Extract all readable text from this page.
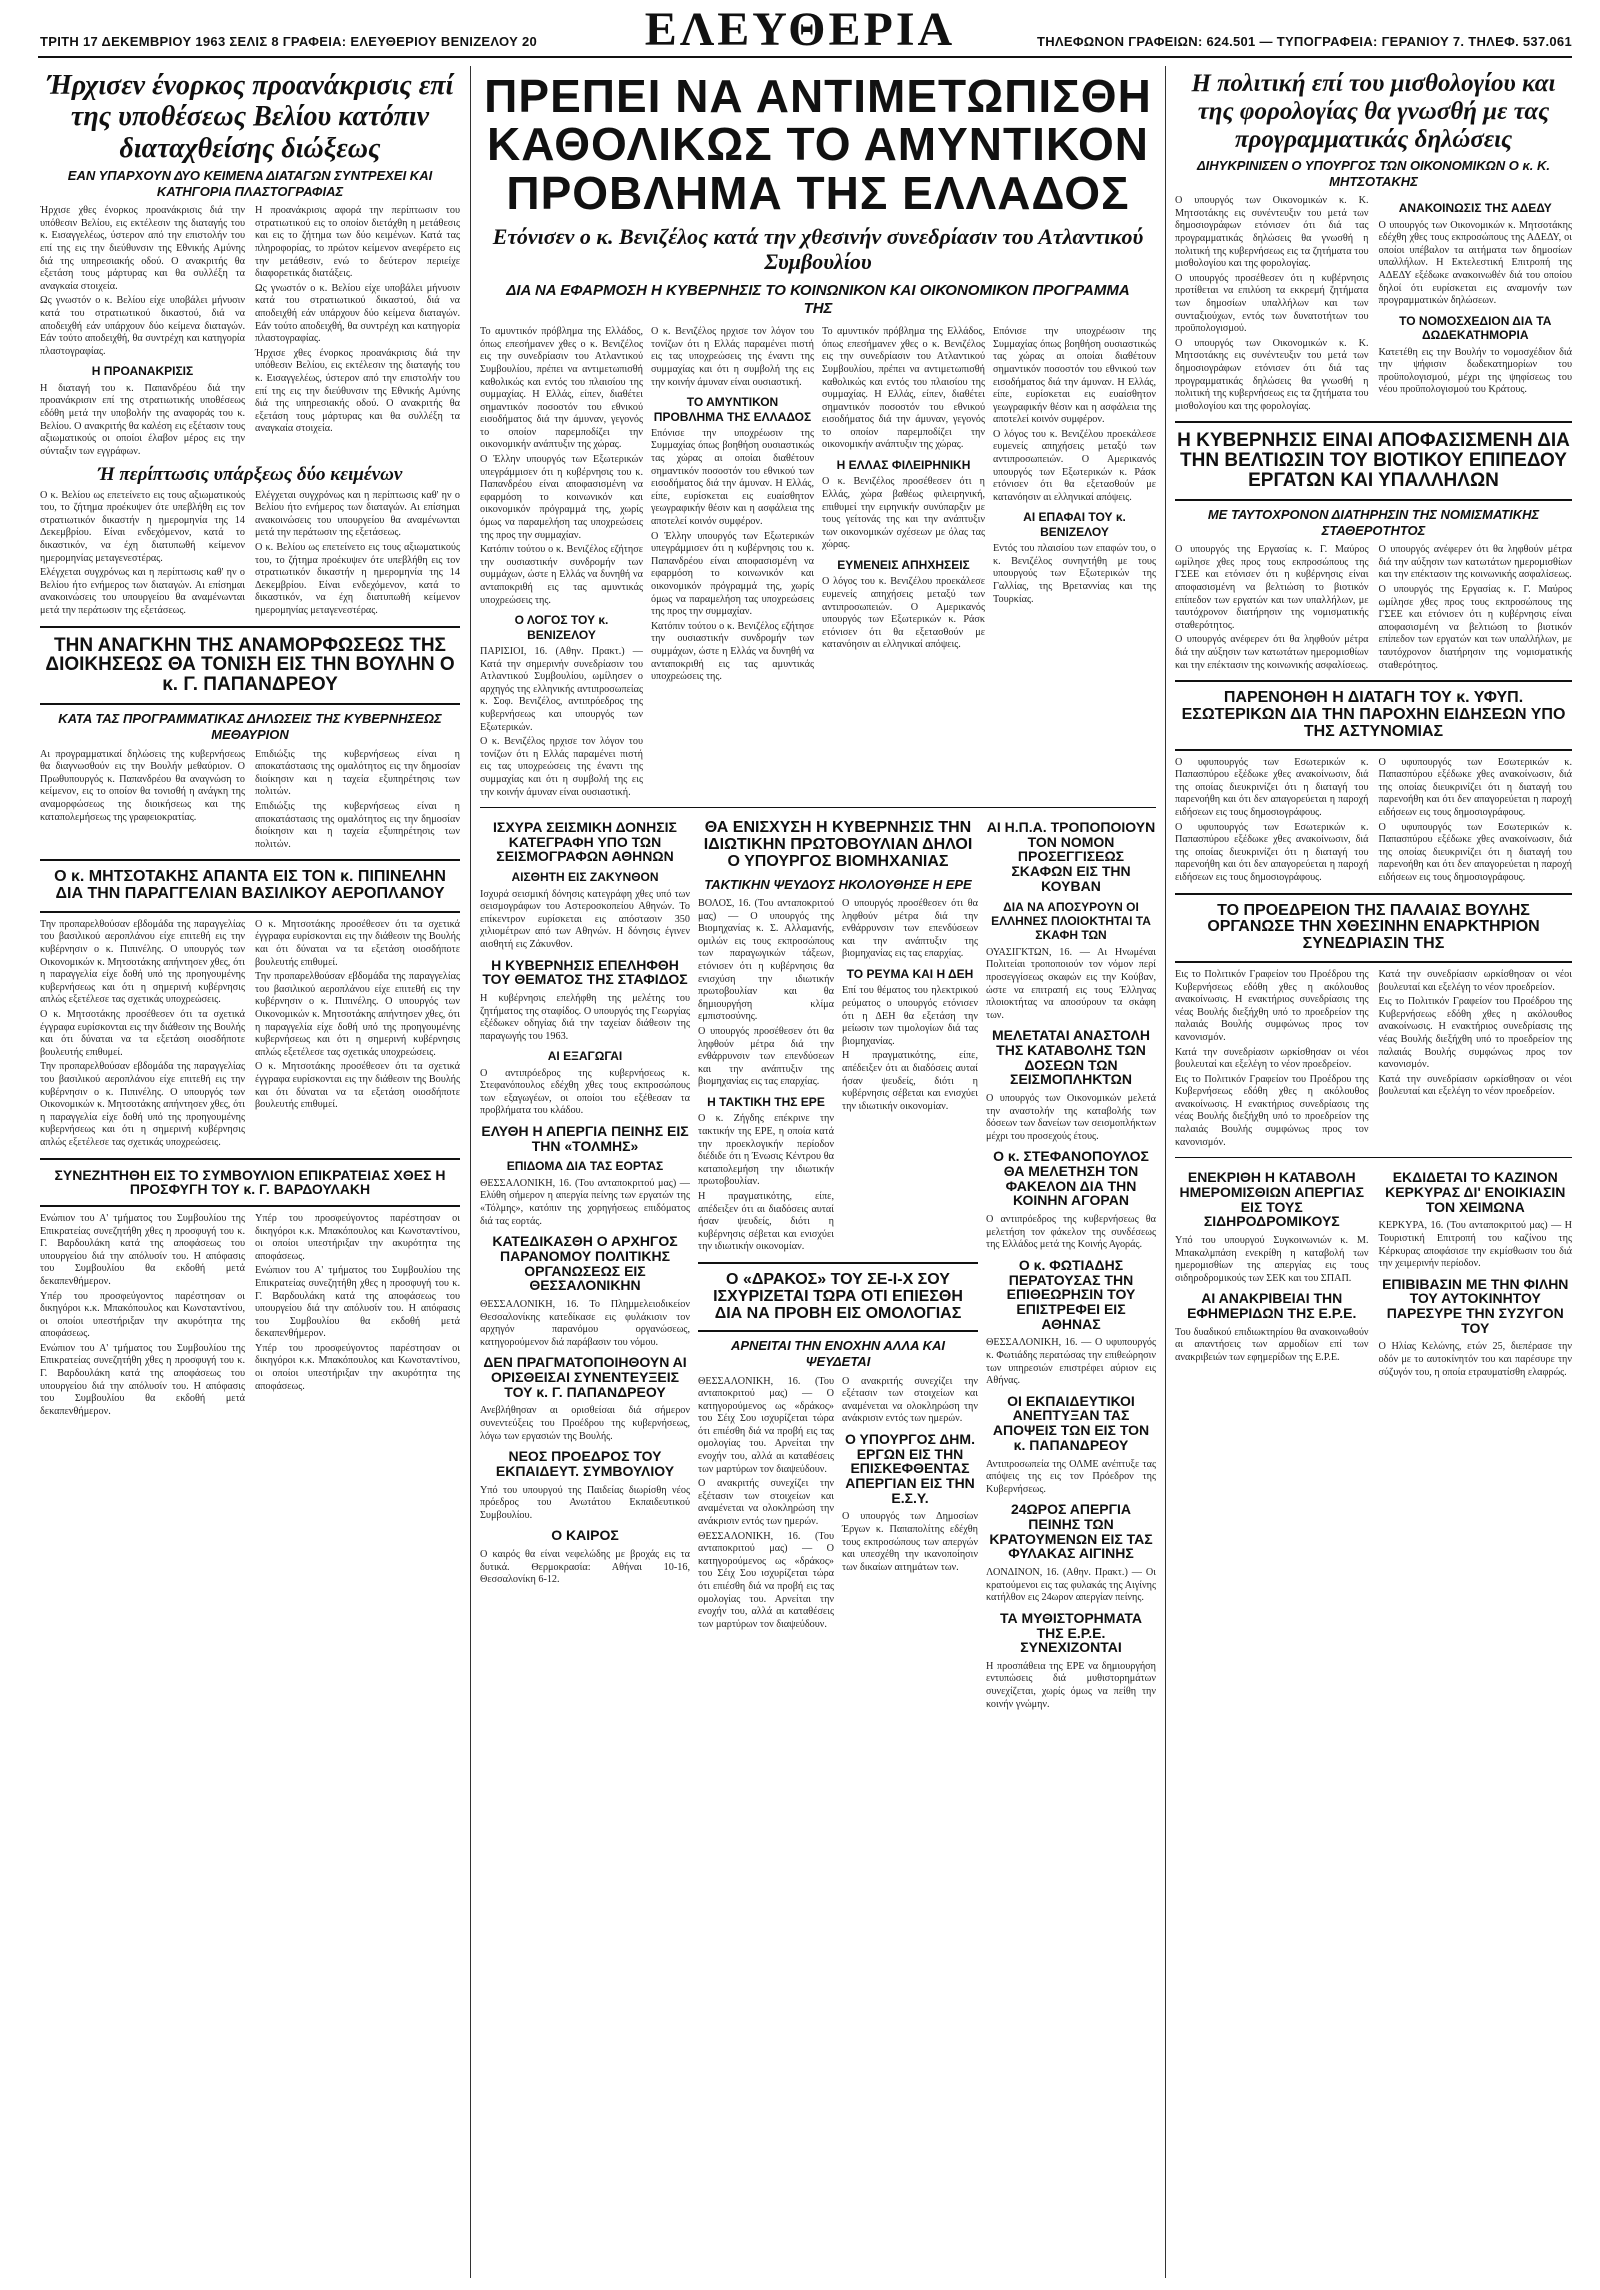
ΤΡΙΤΗ 17 ΔΕΚΕΜΒΡΙΟΥ 1963 ΣΕΛΙΣ 8 ΓΡΑΦΕΙΑ: ΕΛΕΥΘΕΡΙΟΥ ΒΕΝΙΖΕΛΟΥ 20	ΕΛΕΥΘΕΡΙΑ	ΤΗΛΕΦΩΝΟΝ ΓΡΑΦΕΙΩΝ: 624.501 — ΤΥΠΟΓΡΑΦΕΙΑ: ΓΕΡΑΝΙΟΥ 7. ΤΗΛΕΦ. 537.061
Ήρχισεν ένορκος προανάκρισις επί της υποθέσεως Βελίου κατόπιν διαταχθείσης διώξεως
ΕΑΝ ΥΠΑΡΧΟΥΝ ΔΥΟ ΚΕΙΜΕΝΑ ΔΙΑΤΑΓΩΝ ΣΥΝΤΡΕΧΕΙ ΚΑΙ ΚΑΤΗΓΟΡΙΑ ΠΛΑΣΤΟΓΡΑΦΙΑΣ

Ήρχισε χθες ένορκος προανάκρισις διά την υπόθεσιν Βελίου, εις εκτέλεσιν της διαταγής του κ. Εισαγγελέως, ύστερον από την επιστολήν του επί της εις την διεύθυνσιν της Εθνικής Αμύνης διά της υπηρεσιακής οδού. Ο ανακριτής θα εξετάση τους μάρτυρας και θα συλλέξη τα αναγκαία στοιχεία.

Ως γνωστόν ο κ. Βελίου είχε υποβάλει μήνυσιν κατά του στρατιωτικού δικαστού, διά να αποδειχθή εάν υπάρχουν δύο κείμενα διαταγών. Εάν τούτο αποδειχθή, θα συντρέχη και κατηγορία πλαστογραφίας.

Η ΠΡΟΑΝΑΚΡΙΣΙΣ

Η διαταγή του κ. Παπανδρέου διά την προανάκρισιν επί της στρατιωτικής υποθέσεως εδόθη μετά την υποβολήν της αναφοράς του κ. Βελίου. Ο ανακριτής θα καλέση εις εξέτασιν τους αξιωματικούς οι οποίοι έλαβον μέρος εις την σύνταξιν των εγγράφων.

Η προανάκρισις αφορά την περίπτωσιν του στρατιωτικού εις το οποίον διετάχθη η μετάθεσις και εις το ζήτημα των δύο κειμένων. Κατά τας πληροφορίας, το πρώτον κείμενον ανεφέρετο εις την μετάθεσιν, ενώ το δεύτερον περιείχε διαφορετικάς διατάξεις.

Ως γνωστόν ο κ. Βελίου είχε υποβάλει μήνυσιν κατά του στρατιωτικού δικαστού, διά να αποδειχθή εάν υπάρχουν δύο κείμενα διαταγών. Εάν τούτο αποδειχθή, θα συντρέχη και κατηγορία πλαστογραφίας.

Ήρχισε χθες ένορκος προανάκρισις διά την υπόθεσιν Βελίου, εις εκτέλεσιν της διαταγής του κ. Εισαγγελέως, ύστερον από την επιστολήν του επί της εις την διεύθυνσιν της Εθνικής Αμύνης διά της υπηρεσιακής οδού. Ο ανακριτής θα εξετάση τους μάρτυρας και θα συλλέξη τα αναγκαία στοιχεία.

Ή περίπτωσις υπάρξεως δύο κειμένων

Ο κ. Βελίου ως επετείνετο εις τους αξιωματικούς του, το ζήτημα προέκυψεν ότε υπεβλήθη εις τον στρατιωτικόν δικαστήν η ημερομηνία της 14 Δεκεμβρίου. Είναι ενδεχόμενον, κατά το δικαστικόν, να έχη διατυπωθή κείμενον ημερομηνίας μεταγενεστέρας.

Ελέγχεται συγχρόνως και η περίπτωσις καθ' ην ο Βελίου ήτο ενήμερος των διαταγών. Αι επίσημαι ανακοινώσεις του υπουργείου θα αναμένωνται μετά την περάτωσιν της εξετάσεως.

Ελέγχεται συγχρόνως και η περίπτωσις καθ' ην ο Βελίου ήτο ενήμερος των διαταγών. Αι επίσημαι ανακοινώσεις του υπουργείου θα αναμένωνται μετά την περάτωσιν της εξετάσεως.

Ο κ. Βελίου ως επετείνετο εις τους αξιωματικούς του, το ζήτημα προέκυψεν ότε υπεβλήθη εις τον στρατιωτικόν δικαστήν η ημερομηνία της 14 Δεκεμβρίου. Είναι ενδεχόμενον, κατά το δικαστικόν, να έχη διατυπωθή κείμενον ημερομηνίας μεταγενεστέρας.

ΤΗΝ ΑΝΑΓΚΗΝ ΤΗΣ ΑΝΑΜΟΡΦΩΣΕΩΣ ΤΗΣ ΔΙΟΙΚΗΣΕΩΣ ΘΑ ΤΟΝΙΣΗ ΕΙΣ ΤΗΝ ΒΟΥΛΗΝ Ο κ. Γ. ΠΑΠΑΝΔΡΕΟΥ
ΚΑΤΑ ΤΑΣ ΠΡΟΓΡΑΜΜΑΤΙΚΑΣ ΔΗΛΩΣΕΙΣ ΤΗΣ ΚΥΒΕΡΝΗΣΕΩΣ ΜΕΘΑΥΡΙΟΝ

Αι προγραμματικαί δηλώσεις της κυβερνήσεως θα διαγνωσθούν εις την Βουλήν μεθαύριον. Ο Πρωθυπουργός κ. Παπανδρέου θα αναγνώση το κείμενον, εις το οποίον θα τονισθή η ανάγκη της αναμορφώσεως της διοικήσεως και της καταπολεμήσεως της γραφειοκρατίας.

Επιδιώξις της κυβερνήσεως είναι η αποκατάστασις της ομαλότητος εις την δημοσίαν διοίκησιν και η ταχεία εξυπηρέτησις των πολιτών.

Επιδιώξις της κυβερνήσεως είναι η αποκατάστασις της ομαλότητος εις την δημοσίαν διοίκησιν και η ταχεία εξυπηρέτησις των πολιτών.

Ο κ. ΜΗΤΣΟΤΑΚΗΣ ΑΠΑΝΤΑ ΕΙΣ ΤΟΝ κ. ΠΙΠΙΝΕΛΗΝ ΔΙΑ ΤΗΝ ΠΑΡΑΓΓΕΛΙΑΝ ΒΑΣΙΛΙΚΟΥ ΑΕΡΟΠΛΑΝΟΥ

Την προπαρελθούσαν εβδομάδα της παραγγελίας του βασιλικού αεροπλάνου είχε επιτεθή εις την κυβέρνησιν ο κ. Πιπινέλης. Ο υπουργός των Οικονομικών κ. Μητσοτάκης απήντησεν χθες, ότι η παραγγελία είχε δοθή υπό της προηγουμένης κυβερνήσεως και ότι η σημερινή κυβέρνησις απλώς εξετέλεσε τας σχετικάς υποχρεώσεις.

Ο κ. Μητσοτάκης προσέθεσεν ότι τα σχετικά έγγραφα ευρίσκονται εις την διάθεσιν της Βουλής και ότι δύναται να τα εξετάση οιοσδήποτε βουλευτής επιθυμεί.

Την προπαρελθούσαν εβδομάδα της παραγγελίας του βασιλικού αεροπλάνου είχε επιτεθή εις την κυβέρνησιν ο κ. Πιπινέλης. Ο υπουργός των Οικονομικών κ. Μητσοτάκης απήντησεν χθες, ότι η παραγγελία είχε δοθή υπό της προηγουμένης κυβερνήσεως και ότι η σημερινή κυβέρνησις απλώς εξετέλεσε τας σχετικάς υποχρεώσεις.

Ο κ. Μητσοτάκης προσέθεσεν ότι τα σχετικά έγγραφα ευρίσκονται εις την διάθεσιν της Βουλής και ότι δύναται να τα εξετάση οιοσδήποτε βουλευτής επιθυμεί.

Την προπαρελθούσαν εβδομάδα της παραγγελίας του βασιλικού αεροπλάνου είχε επιτεθή εις την κυβέρνησιν ο κ. Πιπινέλης. Ο υπουργός των Οικονομικών κ. Μητσοτάκης απήντησεν χθες, ότι η παραγγελία είχε δοθή υπό της προηγουμένης κυβερνήσεως και ότι η σημερινή κυβέρνησις απλώς εξετέλεσε τας σχετικάς υποχρεώσεις.

Ο κ. Μητσοτάκης προσέθεσεν ότι τα σχετικά έγγραφα ευρίσκονται εις την διάθεσιν της Βουλής και ότι δύναται να τα εξετάση οιοσδήποτε βουλευτής επιθυμεί.

ΣΥΝΕΖΗΤΗΘΗ ΕΙΣ ΤΟ ΣΥΜΒΟΥΛΙΟΝ ΕΠΙΚΡΑΤΕΙΑΣ ΧΘΕΣ Η ΠΡΟΣΦΥΓΗ ΤΟΥ κ. Γ. ΒΑΡΔΟΥΛΑΚΗ

Ενώπιον του Α' τμήματος του Συμβουλίου της Επικρατείας συνεζητήθη χθες η προσφυγή του κ. Γ. Βαρδουλάκη κατά της αποφάσεως του υπουργείου διά την απόλυσίν του. Η απόφασις του Συμβουλίου θα εκδοθή μετά δεκαπενθήμερον.

Υπέρ του προσφεύγοντος παρέστησαν οι δικηγόροι κ.κ. Μπακόπουλος και Κωνσταντίνου, οι οποίοι υπεστήριξαν την ακυρότητα της αποφάσεως.

Ενώπιον του Α' τμήματος του Συμβουλίου της Επικρατείας συνεζητήθη χθες η προσφυγή του κ. Γ. Βαρδουλάκη κατά της αποφάσεως του υπουργείου διά την απόλυσίν του. Η απόφασις του Συμβουλίου θα εκδοθή μετά δεκαπενθήμερον.

Υπέρ του προσφεύγοντος παρέστησαν οι δικηγόροι κ.κ. Μπακόπουλος και Κωνσταντίνου, οι οποίοι υπεστήριξαν την ακυρότητα της αποφάσεως.

Ενώπιον του Α' τμήματος του Συμβουλίου της Επικρατείας συνεζητήθη χθες η προσφυγή του κ. Γ. Βαρδουλάκη κατά της αποφάσεως του υπουργείου διά την απόλυσίν του. Η απόφασις του Συμβουλίου θα εκδοθή μετά δεκαπενθήμερον.

Υπέρ του προσφεύγοντος παρέστησαν οι δικηγόροι κ.κ. Μπακόπουλος και Κωνσταντίνου, οι οποίοι υπεστήριξαν την ακυρότητα της αποφάσεως.

ΠΡΕΠΕΙ ΝΑ ΑΝΤΙΜΕΤΩΠΙΣΘΗ ΚΑΘΟΛΙΚΩΣ ΤΟ ΑΜΥΝΤΙΚΟΝ ΠΡΟΒΛΗΜΑ ΤΗΣ ΕΛΛΑΔΟΣ
Ετόνισεν ο κ. Βενιζέλος κατά την χθεσινήν συνεδρίασιν του Ατλαντικού Συμβουλίου
ΔΙΑ ΝΑ ΕΦΑΡΜΟΣΗ Η ΚΥΒΕΡΝΗΣΙΣ ΤΟ ΚΟΙΝΩΝΙΚΟΝ ΚΑΙ ΟΙΚΟΝΟΜΙΚΟΝ ΠΡΟΓΡΑΜΜΑ ΤΗΣ

Το αμυντικόν πρόβλημα της Ελλάδος, όπως επεσήμανεν χθες ο κ. Βενιζέλος εις την συνεδρίασιν του Ατλαντικού Συμβουλίου, πρέπει να αντιμετωπισθή καθολικώς και εντός του πλαισίου της συμμαχίας. Η Ελλάς, είπεν, διαθέτει σημαντικόν ποσοστόν του εθνικού εισοδήματος διά την άμυναν, γεγονός το οποίον παρεμποδίζει την οικονομικήν ανάπτυξιν της χώρας.

Ο Έλλην υπουργός των Εξωτερικών υπεγράμμισεν ότι η κυβέρνησις του κ. Παπανδρέου είναι αποφασισμένη να εφαρμόση το κοινωνικόν και οικονομικόν πρόγραμμά της, χωρίς όμως να παραμελήση τας υποχρεώσεις της προς την συμμαχίαν.

Κατόπιν τούτου ο κ. Βενιζέλος εζήτησε την ουσιαστικήν συνδρομήν των συμμάχων, ώστε η Ελλάς να δυνηθή να ανταποκριθή εις τας αμυντικάς υποχρεώσεις της.

Ο ΛΟΓΟΣ ΤΟΥ κ. ΒΕΝΙΖΕΛΟΥ

ΠΑΡΙΣΙΟΙ, 16. (Αθην. Πρακτ.) — Κατά την σημερινήν συνεδρίασιν του Ατλαντικού Συμβουλίου, ωμίλησεν ο αρχηγός της ελληνικής αντιπροσωπείας κ. Σοφ. Βενιζέλος, αντιπρόεδρος της κυβερνήσεως και υπουργός των Εξωτερικών.

Ο κ. Βενιζέλος ηρχισε τον λόγον του τονίζων ότι η Ελλάς παραμένει πιστή εις τας υποχρεώσεις της έναντι της συμμαχίας και ότι η συμβολή της εις την κοινήν άμυναν είναι ουσιαστική.

Ο κ. Βενιζέλος ηρχισε τον λόγον του τονίζων ότι η Ελλάς παραμένει πιστή εις τας υποχρεώσεις της έναντι της συμμαχίας και ότι η συμβολή της εις την κοινήν άμυναν είναι ουσιαστική.

ΤΟ ΑΜΥΝΤΙΚΟΝ ΠΡΟΒΛΗΜΑ ΤΗΣ ΕΛΛΑΔΟΣ

Επόνισε την υποχρέωσιν της Συμμαχίας όπως βοηθήση ουσιαστικώς τας χώρας αι οποίαι διαθέτουν σημαντικόν ποσοστόν του εθνικού των εισοδήματος διά την άμυναν. Η Ελλάς, είπε, ευρίσκεται εις ευαίσθητον γεωγραφικήν θέσιν και η ασφάλεια της αποτελεί κοινόν συμφέρον.

Ο Έλλην υπουργός των Εξωτερικών υπεγράμμισεν ότι η κυβέρνησις του κ. Παπανδρέου είναι αποφασισμένη να εφαρμόση το κοινωνικόν και οικονομικόν πρόγραμμά της, χωρίς όμως να παραμελήση τας υποχρεώσεις της προς την συμμαχίαν.

Κατόπιν τούτου ο κ. Βενιζέλος εζήτησε την ουσιαστικήν συνδρομήν των συμμάχων, ώστε η Ελλάς να δυνηθή να ανταποκριθή εις τας αμυντικάς υποχρεώσεις της.

Το αμυντικόν πρόβλημα της Ελλάδος, όπως επεσήμανεν χθες ο κ. Βενιζέλος εις την συνεδρίασιν του Ατλαντικού Συμβουλίου, πρέπει να αντιμετωπισθή καθολικώς και εντός του πλαισίου της συμμαχίας. Η Ελλάς, είπεν, διαθέτει σημαντικόν ποσοστόν του εθνικού εισοδήματος διά την άμυναν, γεγονός το οποίον παρεμποδίζει την οικονομικήν ανάπτυξιν της χώρας.

Η ΕΛΛΑΣ ΦΙΛΕΙΡΗΝΙΚΗ

Ο κ. Βενιζέλος προσέθεσεν ότι η Ελλάς, χώρα βαθέως φιλειρηνική, επιθυμεί την ειρηνικήν συνύπαρξιν με τους γείτονάς της και την ανάπτυξιν των οικονομικών σχέσεων με όλας τας χώρας.

ΕΥΜΕΝΕΙΣ ΑΠΗΧΗΣΕΙΣ

Ο λόγος του κ. Βενιζέλου προεκάλεσε ευμενείς απηχήσεις μεταξύ των αντιπροσωπειών. Ο Αμερικανός υπουργός των Εξωτερικών κ. Ράσκ ετόνισεν ότι θα εξετασθούν με κατανόησιν αι ελληνικαί απόψεις.

Επόνισε την υποχρέωσιν της Συμμαχίας όπως βοηθήση ουσιαστικώς τας χώρας αι οποίαι διαθέτουν σημαντικόν ποσοστόν του εθνικού των εισοδήματος διά την άμυναν. Η Ελλάς, είπε, ευρίσκεται εις ευαίσθητον γεωγραφικήν θέσιν και η ασφάλεια της αποτελεί κοινόν συμφέρον.

Ο λόγος του κ. Βενιζέλου προεκάλεσε ευμενείς απηχήσεις μεταξύ των αντιπροσωπειών. Ο Αμερικανός υπουργός των Εξωτερικών κ. Ράσκ ετόνισεν ότι θα εξετασθούν με κατανόησιν αι ελληνικαί απόψεις.

ΑΙ ΕΠΑΦΑΙ ΤΟΥ κ. ΒΕΝΙΖΕΛΟΥ

Εντός του πλαισίου των επαφών του, ο κ. Βενιζέλος συνηντήθη με τους υπουργούς των Εξωτερικών της Γαλλίας, της Βρεταννίας και της Τουρκίας.

ΙΣΧΥΡΑ ΣΕΙΣΜΙΚΗ ΔΟΝΗΣΙΣ ΚΑΤΕΓΡΑΦΗ ΥΠΟ ΤΩΝ ΣΕΙΣΜΟΓΡΑΦΩΝ ΑΘΗΝΩΝ
ΑΙΣΘΗΤΗ ΕΙΣ ΖΑΚΥΝΘΟΝ

Ισχυρά σεισμική δόνησις κατεγράφη χθες υπό των σεισμογράφων του Αστεροσκοπείου Αθηνών. Το επίκεντρον ευρίσκεται εις απόστασιν 350 χιλιομέτρων από των Αθηνών. Η δόνησις έγινεν αισθητή εις Ζάκυνθον.

Η ΚΥΒΕΡΝΗΣΙΣ ΕΠΕΛΗΦΘΗ ΤΟΥ ΘΕΜΑΤΟΣ ΤΗΣ ΣΤΑΦΙΔΟΣ

Η κυβέρνησις επελήφθη της μελέτης του ζητήματος της σταφίδος. Ο υπουργός της Γεωργίας εξέδωκεν οδηγίας διά την ταχείαν διάθεσιν της παραγωγής του 1963.

ΑΙ ΕΞΑΓΩΓΑΙ

Ο αντιπρόεδρος της κυβερνήσεως κ. Στεφανόπουλος εδέχθη χθες τους εκπροσώπους των εξαγωγέων, οι οποίοι του εξέθεσαν τα προβλήματα του κλάδου.

ΕΛΥΘΗ Η ΑΠΕΡΓΙΑ ΠΕΙΝΗΣ ΕΙΣ ΤΗΝ «ΤΟΛΜΗΣ»
ΕΠΙΔΟΜΑ ΔΙΑ ΤΑΣ ΕΟΡΤΑΣ

ΘΕΣΣΑΛΟΝΙΚΗ, 16. (Του ανταποκριτού μας) — Ελύθη σήμερον η απεργία πείνης των εργατών της «Τόλμης», κατόπιν της χορηγήσεως επιδόματος διά τας εορτάς.

ΚΑΤΕΔΙΚΑΣΘΗ Ο ΑΡΧΗΓΟΣ ΠΑΡΑΝΟΜΟΥ ΠΟΛΙΤΙΚΗΣ ΟΡΓΑΝΩΣΕΩΣ ΕΙΣ ΘΕΣΣΑΛΟΝΙΚΗΝ

ΘΕΣΣΑΛΟΝΙΚΗ, 16. Το Πλημμελειοδικείον Θεσσαλονίκης κατεδίκασε εις φυλάκισιν τον αρχηγόν παρανόμου οργανώσεως, κατηγορούμενον διά παράβασιν του νόμου.

ΔΕΝ ΠΡΑΓΜΑΤΟΠΟΙΗΘΟΥΝ ΑΙ ΟΡΙΣΘΕΙΣΑΙ ΣΥΝΕΝΤΕΥΞΕΙΣ ΤΟΥ κ. Γ. ΠΑΠΑΝΔΡΕΟΥ

Ανεβλήθησαν αι ορισθείσαι διά σήμερον συνεντεύξεις του Προέδρου της κυβερνήσεως, λόγω των εργασιών της Βουλής.

ΝΕΟΣ ΠΡΟΕΔΡΟΣ ΤΟΥ ΕΚΠΑΙΔΕΥΤ. ΣΥΜΒΟΥΛΙΟΥ

Υπό του υπουργού της Παιδείας διωρίσθη νέος πρόεδρος του Ανωτάτου Εκπαιδευτικού Συμβουλίου.

Ο ΚΑΙΡΟΣ

Ο καιρός θα είναι νεφελώδης με βροχάς εις τα δυτικά. Θερμοκρασία: Αθήναι 10-16, Θεσσαλονίκη 6-12.

ΘΑ ΕΝΙΣΧΥΣΗ Η ΚΥΒΕΡΝΗΣΙΣ ΤΗΝ ΙΔΙΩΤΙΚΗΝ ΠΡΩΤΟΒΟΥΛΙΑΝ ΔΗΛΟΙ Ο ΥΠΟΥΡΓΟΣ ΒΙΟΜΗΧΑΝΙΑΣ
ΤΑΚΤΙΚΗΝ ΨΕΥΔΟΥΣ ΗΚΟΛΟΥΘΗΣΕ Η ΕΡΕ

ΒΟΛΟΣ, 16. (Του ανταποκριτού μας) — Ο υπουργός της Βιομηχανίας κ. Σ. Αλλαμανής, ομιλών εις τους εκπροσώπους των παραγωγικών τάξεων, ετόνισεν ότι η κυβέρνησις θα ενισχύση την ιδιωτικήν πρωτοβουλίαν και θα δημιουργήση κλίμα εμπιστοσύνης.

Ο υπουργός προσέθεσεν ότι θα ληφθούν μέτρα διά την ενθάρρυνσιν των επενδύσεων και την ανάπτυξιν της βιομηχανίας εις τας επαρχίας.

Η ΤΑΚΤΙΚΗ ΤΗΣ ΕΡΕ

Ο κ. Ζήγδης επέκρινε την τακτικήν της ΕΡΕ, η οποία κατά την προεκλογικήν περίοδον διέδιδε ότι η Ένωσις Κέντρου θα καταπολεμήση την ιδιωτικήν πρωτοβουλίαν.

Η πραγματικότης, είπε, απέδειξεν ότι αι διαδόσεις αυταί ήσαν ψευδείς, διότι η κυβέρνησις σέβεται και ενισχύει την ιδιωτικήν οικονομίαν.

Ο υπουργός προσέθεσεν ότι θα ληφθούν μέτρα διά την ενθάρρυνσιν των επενδύσεων και την ανάπτυξιν της βιομηχανίας εις τας επαρχίας.

ΤΟ ΡΕΥΜΑ ΚΑΙ Η ΔΕΗ

Επί του θέματος του ηλεκτρικού ρεύματος ο υπουργός ετόνισεν ότι η ΔΕΗ θα εξετάση την μείωσιν των τιμολογίων διά τας βιομηχανίας.

Η πραγματικότης, είπε, απέδειξεν ότι αι διαδόσεις αυταί ήσαν ψευδείς, διότι η κυβέρνησις σέβεται και ενισχύει την ιδιωτικήν οικονομίαν.

Ο «ΔΡΑΚΟΣ» ΤΟΥ ΣΕ-Ι-Χ ΣΟΥ ΙΣΧΥΡΙΖΕΤΑΙ ΤΩΡΑ ΟΤΙ ΕΠΙΕΣΘΗ ΔΙΑ ΝΑ ΠΡΟΒΗ ΕΙΣ ΟΜΟΛΟΓΙΑΣ
ΑΡΝΕΙΤΑΙ ΤΗΝ ΕΝΟΧΗΝ ΑΛΛΑ ΚΑΙ ΨΕΥΔΕΤΑΙ

ΘΕΣΣΑΛΟΝΙΚΗ, 16. (Του ανταποκριτού μας) — Ο κατηγορούμενος ως «δράκος» του Σέιχ Σου ισχυρίζεται τώρα ότι επιέσθη διά να προβή εις τας ομολογίας του. Αρνείται την ενοχήν του, αλλά αι καταθέσεις των μαρτύρων τον διαψεύδουν.

Ο ανακριτής συνεχίζει την εξέτασιν των στοιχείων και αναμένεται να ολοκληρώση την ανάκρισιν εντός των ημερών.

ΘΕΣΣΑΛΟΝΙΚΗ, 16. (Του ανταποκριτού μας) — Ο κατηγορούμενος ως «δράκος» του Σέιχ Σου ισχυρίζεται τώρα ότι επιέσθη διά να προβή εις τας ομολογίας του. Αρνείται την ενοχήν του, αλλά αι καταθέσεις των μαρτύρων τον διαψεύδουν.

Ο ανακριτής συνεχίζει την εξέτασιν των στοιχείων και αναμένεται να ολοκληρώση την ανάκρισιν εντός των ημερών.

Ο ΥΠΟΥΡΓΟΣ ΔΗΜ. ΕΡΓΩΝ ΕΙΣ ΤΗΝ ΕΠΙΣΚΕΦΘΕΝΤΑΣ ΑΠΕΡΓΙΑΝ ΕΙΣ ΤΗΝ Ε.Σ.Υ.

Ο υπουργός των Δημοσίων Έργων κ. Παπαπολίτης εδέχθη τους εκπροσώπους των απεργών και υπεσχέθη την ικανοποίησιν των δικαίων αιτημάτων των.

ΑΙ Η.Π.Α. ΤΡΟΠΟΠΟΙΟΥΝ ΤΟΝ ΝΟΜΟΝ ΠΡΟΣΕΓΓΙΣΕΩΣ ΣΚΑΦΩΝ ΕΙΣ ΤΗΝ ΚΟΥΒΑΝ
ΔΙΑ ΝΑ ΑΠΟΣΥΡΟΥΝ ΟΙ ΕΛΛΗΝΕΣ ΠΛΟΙΟΚΤΗΤΑΙ ΤΑ ΣΚΑΦΗ ΤΩΝ

ΟΥΑΣΙΓΚΤΩΝ, 16. — Αι Ηνωμέναι Πολιτείαι τροποποιούν τον νόμον περί προσεγγίσεως σκαφών εις την Κούβαν, ώστε να επιτραπή εις τους Έλληνας πλοιοκτήτας να αποσύρουν τα σκάφη των.

ΜΕΛΕΤΑΤΑΙ ΑΝΑΣΤΟΛΗ ΤΗΣ ΚΑΤΑΒΟΛΗΣ ΤΩΝ ΔΟΣΕΩΝ ΤΩΝ ΣΕΙΣΜΟΠΛΗΚΤΩΝ

Ο υπουργός των Οικονομικών μελετά την αναστολήν της καταβολής των δόσεων των δανείων των σεισμοπλήκτων μέχρι του προσεχούς έτους.

Ο κ. ΣΤΕΦΑΝΟΠΟΥΛΟΣ ΘΑ ΜΕΛΕΤΗΣΗ ΤΟΝ ΦΑΚΕΛΟΝ ΔΙΑ ΤΗΝ ΚΟΙΝΗΝ ΑΓΟΡΑΝ

Ο αντιπρόεδρος της κυβερνήσεως θα μελετήση τον φάκελον της συνδέσεως της Ελλάδος μετά της Κοινής Αγοράς.

Ο κ. ΦΩΤΙΑΔΗΣ ΠΕΡΑΤΟΥΣΑΣ ΤΗΝ ΕΠΙΘΕΩΡΗΣΙΝ ΤΟΥ ΕΠΙΣΤΡΕΦΕΙ ΕΙΣ ΑΘΗΝΑΣ

ΘΕΣΣΑΛΟΝΙΚΗ, 16. — Ο υφυπουργός κ. Φωτιάδης περατώσας την επιθεώρησιν των υπηρεσιών επιστρέφει αύριον εις Αθήνας.

ΟΙ ΕΚΠΑΙΔΕΥΤΙΚΟΙ ΑΝΕΠΤΥΞΑΝ ΤΑΣ ΑΠΟΨΕΙΣ ΤΩΝ ΕΙΣ ΤΟΝ κ. ΠΑΠΑΝΔΡΕΟΥ

Αντιπροσωπεία της ΟΛΜΕ ανέπτυξε τας απόψεις της εις τον Πρόεδρον της Κυβερνήσεως.

24ΩΡΟΣ ΑΠΕΡΓΙΑ ΠΕΙΝΗΣ ΤΩΝ ΚΡΑΤΟΥΜΕΝΩΝ ΕΙΣ ΤΑΣ ΦΥΛΑΚΑΣ ΑΙΓΙΝΗΣ

ΛΟΝΔΙΝΟΝ, 16. (Αθην. Πρακτ.) — Οι κρατούμενοι εις τας φυλακάς της Αιγίνης κατήλθον εις 24ωρον απεργίαν πείνης.

ΤΑ ΜΥΘΙΣΤΟΡΗΜΑΤΑ ΤΗΣ Ε.Ρ.Ε. ΣΥΝΕΧΙΖΟΝΤΑΙ

Η προσπάθεια της ΕΡΕ να δημιουργήση εντυπώσεις διά μυθιστορημάτων συνεχίζεται, χωρίς όμως να πείθη την κοινήν γνώμην.

Η πολιτική επί του μισθολογίου και της φορολογίας θα γνωσθή με τας προγραμματικάς δηλώσεις
ΔΙΗΥΚΡΙΝΙΣΕΝ Ο ΥΠΟΥΡΓΟΣ ΤΩΝ ΟΙΚΟΝΟΜΙΚΩΝ Ο κ. Κ. ΜΗΤΣΟΤΑΚΗΣ

Ο υπουργός των Οικονομικών κ. Κ. Μητσοτάκης εις συνέντευξιν του μετά των δημοσιογράφων ετόνισεν ότι διά τας προγραμματικάς δηλώσεις θα γνωσθή η πολιτική της κυβερνήσεως εις τα ζητήματα του μισθολογίου και της φορολογίας.

Ο υπουργός προσέθεσεν ότι η κυβέρνησις προτίθεται να επιλύση τα εκκρεμή ζητήματα των δημοσίων υπαλλήλων και των συνταξιούχων, εντός των δυνατοτήτων του προϋπολογισμού.

Ο υπουργός των Οικονομικών κ. Κ. Μητσοτάκης εις συνέντευξιν του μετά των δημοσιογράφων ετόνισεν ότι διά τας προγραμματικάς δηλώσεις θα γνωσθή η πολιτική της κυβερνήσεως εις τα ζητήματα του μισθολογίου και της φορολογίας.

ΑΝΑΚΟΙΝΩΣΙΣ ΤΗΣ ΑΔΕΔΥ

Ο υπουργός των Οικονομικών κ. Μητσοτάκης εδέχθη χθες τους εκπροσώπους της ΑΔΕΔΥ, οι οποίοι υπέβαλον τα αιτήματα των δημοσίων υπαλλήλων. Η Εκτελεστική Επιτροπή της ΑΔΕΔΥ εξέδωκε ανακοινωθέν διά του οποίου δηλοί ότι ευρίσκεται εις αναμονήν των προγραμματικών δηλώσεων.

ΤΟ ΝΟΜΟΣΧΕΔΙΟΝ ΔΙΑ ΤΑ ΔΩΔΕΚΑΤΗΜΟΡΙΑ

Κατετέθη εις την Βουλήν το νομοσχέδιον διά την ψήφισιν δωδεκατημορίων του προϋπολογισμού, μέχρι της ψηφίσεως του νέου προϋπολογισμού του Κράτους.

Η ΚΥΒΕΡΝΗΣΙΣ ΕΙΝΑΙ ΑΠΟΦΑΣΙΣΜΕΝΗ ΔΙΑ ΤΗΝ ΒΕΛΤΙΩΣΙΝ ΤΟΥ ΒΙΟΤΙΚΟΥ ΕΠΙΠΕΔΟΥ ΕΡΓΑΤΩΝ ΚΑΙ ΥΠΑΛΛΗΛΩΝ
ΜΕ ΤΑΥΤΟΧΡΟΝΟΝ ΔΙΑΤΗΡΗΣΙΝ ΤΗΣ ΝΟΜΙΣΜΑΤΙΚΗΣ ΣΤΑΘΕΡΟΤΗΤΟΣ

Ο υπουργός της Εργασίας κ. Γ. Μαύρος ωμίλησε χθες προς τους εκπροσώπους της ΓΣΕΕ και ετόνισεν ότι η κυβέρνησις είναι αποφασισμένη να βελτιώση το βιοτικόν επίπεδον των εργατών και των υπαλλήλων, με ταυτόχρονον διατήρησιν της νομισματικής σταθερότητος.

Ο υπουργός ανέφερεν ότι θα ληφθούν μέτρα διά την αύξησιν των κατωτάτων ημερομισθίων και την επέκτασιν της κοινωνικής ασφαλίσεως.

Ο υπουργός ανέφερεν ότι θα ληφθούν μέτρα διά την αύξησιν των κατωτάτων ημερομισθίων και την επέκτασιν της κοινωνικής ασφαλίσεως.

Ο υπουργός της Εργασίας κ. Γ. Μαύρος ωμίλησε χθες προς τους εκπροσώπους της ΓΣΕΕ και ετόνισεν ότι η κυβέρνησις είναι αποφασισμένη να βελτιώση το βιοτικόν επίπεδον των εργατών και των υπαλλήλων, με ταυτόχρονον διατήρησιν της νομισματικής σταθερότητος.

ΠΑΡΕΝΟΗΘΗ Η ΔΙΑΤΑΓΗ ΤΟΥ κ. ΥΦΥΠ. ΕΣΩΤΕΡΙΚΩΝ ΔΙΑ ΤΗΝ ΠΑΡΟΧΗΝ ΕΙΔΗΣΕΩΝ ΥΠΟ ΤΗΣ ΑΣΤΥΝΟΜΙΑΣ

Ο υφυπουργός των Εσωτερικών κ. Παπασπύρου εξέδωκε χθες ανακοίνωσιν, διά της οποίας διευκρινίζει ότι η διαταγή του παρενοήθη και ότι δεν απαγορεύεται η παροχή ειδήσεων εις τους δημοσιογράφους.

Ο υφυπουργός των Εσωτερικών κ. Παπασπύρου εξέδωκε χθες ανακοίνωσιν, διά της οποίας διευκρινίζει ότι η διαταγή του παρενοήθη και ότι δεν απαγορεύεται η παροχή ειδήσεων εις τους δημοσιογράφους.

Ο υφυπουργός των Εσωτερικών κ. Παπασπύρου εξέδωκε χθες ανακοίνωσιν, διά της οποίας διευκρινίζει ότι η διαταγή του παρενοήθη και ότι δεν απαγορεύεται η παροχή ειδήσεων εις τους δημοσιογράφους.

Ο υφυπουργός των Εσωτερικών κ. Παπασπύρου εξέδωκε χθες ανακοίνωσιν, διά της οποίας διευκρινίζει ότι η διαταγή του παρενοήθη και ότι δεν απαγορεύεται η παροχή ειδήσεων εις τους δημοσιογράφους.

ΤΟ ΠΡΟΕΔΡΕΙΟΝ ΤΗΣ ΠΑΛΑΙΑΣ ΒΟΥΛΗΣ ΟΡΓΑΝΩΣΕ ΤΗΝ ΧΘΕΣΙΝΗΝ ΕΝΑΡΚΤΗΡΙΟΝ ΣΥΝΕΔΡΙΑΣΙΝ ΤΗΣ

Εις το Πολιτικόν Γραφείον του Προέδρου της Κυβερνήσεως εδόθη χθες η ακόλουθος ανακοίνωσις. Η ενακτήριος συνεδρίασις της νέας Βουλής διεξήχθη υπό το προεδρείον της παλαιάς Βουλής συμφώνως προς τον κανονισμόν.

Κατά την συνεδρίασιν ωρκίσθησαν οι νέοι βουλευταί και εξελέγη το νέον προεδρείον.

Εις το Πολιτικόν Γραφείον του Προέδρου της Κυβερνήσεως εδόθη χθες η ακόλουθος ανακοίνωσις. Η ενακτήριος συνεδρίασις της νέας Βουλής διεξήχθη υπό το προεδρείον της παλαιάς Βουλής συμφώνως προς τον κανονισμόν.

Κατά την συνεδρίασιν ωρκίσθησαν οι νέοι βουλευταί και εξελέγη το νέον προεδρείον.

Εις το Πολιτικόν Γραφείον του Προέδρου της Κυβερνήσεως εδόθη χθες η ακόλουθος ανακοίνωσις. Η ενακτήριος συνεδρίασις της νέας Βουλής διεξήχθη υπό το προεδρείον της παλαιάς Βουλής συμφώνως προς τον κανονισμόν.

Κατά την συνεδρίασιν ωρκίσθησαν οι νέοι βουλευταί και εξελέγη το νέον προεδρείον.

ΕΝΕΚΡΙΘΗ Η ΚΑΤΑΒΟΛΗ ΗΜΕΡΟΜΙΣΘΙΩΝ ΑΠΕΡΓΙΑΣ ΕΙΣ ΤΟΥΣ ΣΙΔΗΡΟΔΡΟΜΙΚΟΥΣ

Υπό του υπουργού Συγκοινωνιών κ. Μ. Μπακαλμπάση ενεκρίθη η καταβολή των ημερομισθίων της απεργίας εις τους σιδηροδρομικούς των ΣΕΚ και του ΣΠΑΠ.

ΑΙ ΑΝΑΚΡΙΒΕΙΑΙ ΤΗΝ ΕΦΗΜΕΡΙΔΩΝ ΤΗΣ Ε.Ρ.Ε.

Του δυαδικού επιδιωκτηρίου θα ανακοινωθούν αι απαντήσεις των αρμοδίων επί των ανακριβειών των εφημερίδων της Ε.Ρ.Ε.

ΕΚΔΙΔΕΤΑΙ ΤΟ ΚΑΖΙΝΟΝ ΚΕΡΚΥΡΑΣ ΔΙ' ΕΝΟΙΚΙΑΣΙΝ ΤΟΝ ΧΕΙΜΩΝΑ

ΚΕΡΚΥΡΑ, 16. (Του ανταποκριτού μας) — Η Τουριστική Επιτροπή του καζίνου της Κέρκυρας αποφάσισε την εκμίσθωσιν του διά την χειμερινήν περίοδον.

ΕΠΙΒΙΒΑΣΙΝ ΜΕ ΤΗΝ ΦΙΛΗΝ ΤΟΥ ΑΥΤΟΚΙΝΗΤΟΥ ΠΑΡΕΣΥΡΕ ΤΗΝ ΣΥΖΥΓΟΝ ΤΟΥ

Ο Ηλίας Κελώνης, ετών 25, διεπέρασε την οδόν με το αυτοκίνητόν του και παρέσυρε την σύζυγόν του, η οποία ετραυματίσθη ελαφρώς.
